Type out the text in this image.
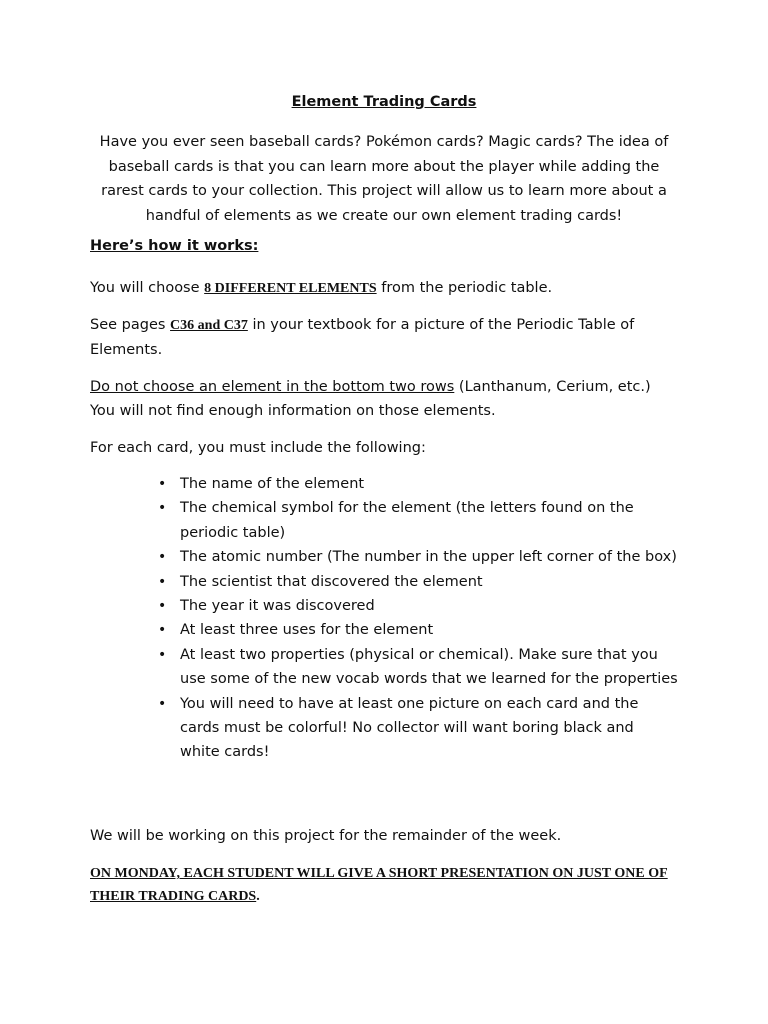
Element Trading Cards
Have you ever seen baseball cards? Pokémon cards? Magic cards? The idea of baseball cards is that you can learn more about the player while adding the rarest cards to your collection. This project will allow us to learn more about a handful of elements as we create our own element trading cards!
Here’s how it works:
You will choose 8 DIFFERENT ELEMENTS from the periodic table.
See pages C36 and C37 in your textbook for a picture of the Periodic Table of Elements.
Do not choose an element in the bottom two rows (Lanthanum, Cerium, etc.) You will not find enough information on those elements.
For each card, you must include the following:
• The name of the element
• The chemical symbol for the element (the letters found on the periodic table)
• The atomic number (The number in the upper left corner of the box)
• The scientist that discovered the element
• The year it was discovered
• At least three uses for the element
• At least two properties (physical or chemical). Make sure that you use some of the new vocab words that we learned for the properties
• You will need to have at least one picture on each card and the cards must be colorful! No collector will want boring black and white cards!
We will be working on this project for the remainder of the week.
ON MONDAY, EACH STUDENT WILL GIVE A SHORT PRESENTATION ON JUST ONE OF THEIR TRADING CARDS.
